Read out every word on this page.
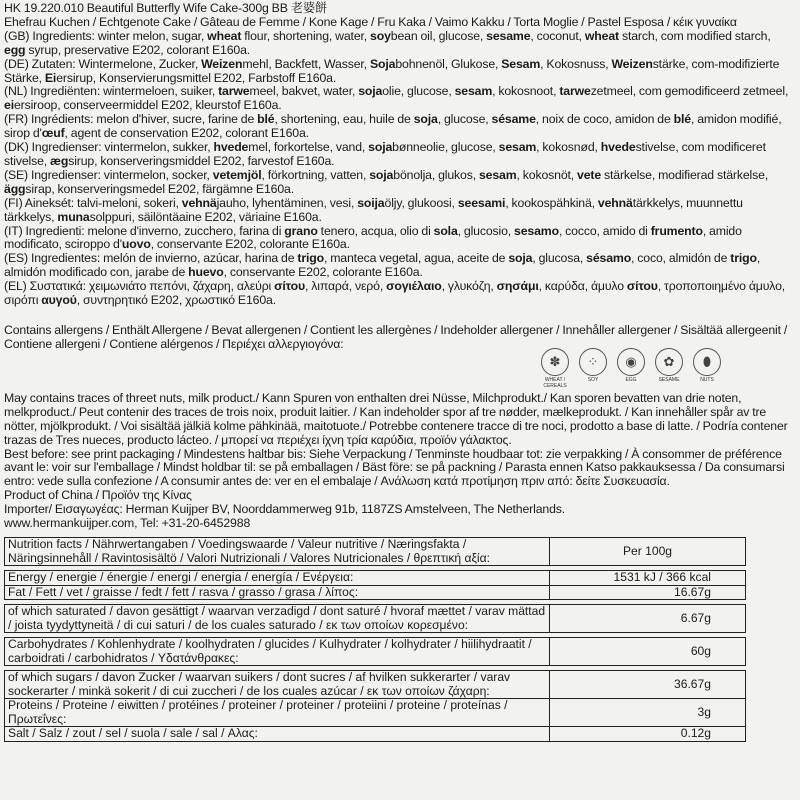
HK 19.220.010 Beautiful Butterfly Wife Cake-300g BB 老婆餅
Ehefrau Kuchen / Echtgenote Cake / Gâteau de Femme / Kone Kage / Fru Kaka / Vaimo Kakku / Torta Moglie / Pastel Esposa / κέικ γυναίκα
(GB) Ingredients: winter melon, sugar, wheat flour, shortening, water, soybean oil, glucose, sesame, coconut, wheat starch, com modified starch, egg syrup, preservative E202, colorant E160a.
(DE) Zutaten: Wintermelone, Zucker, Weizenmehl, Backfett, Wasser, Sojabohnenöl, Glukose, Sesam, Kokosnuss, Weizenstärke, com-modifizierte Stärke, Eiersirup, Konservierungsmittel E202, Farbstoff E160a.
(NL) Ingrediënten: wintermeloen, suiker, tarwemeel, bakvet, water, sojaolie, glucose, sesam, kokosnoot, tarwezetmeel, com gemodificeerd zetmeel, eiersiroop, conserveermiddel E202, kleurstof E160a.
(FR) Ingrédients: melon d'hiver, sucre, farine de blé, shortening, eau, huile de soja, glucose, sésame, noix de coco, amidon de blé, amidon modifié, sirop d'œuf, agent de conservation E202, colorant E160a.
(DK) Ingredienser: vintermelon, sukker, hvedemel, forkortelse, vand, sojabønneolie, glucose, sesam, kokosnød, hvedestivelse, com modificeret stivelse, ægsirup, konserveringsmiddel E202, farvestof E160a.
(SE) Ingredienser: vintermelon, socker, vetemjöl, förkortning, vatten, sojabönolja, glukos, sesam, kokosnöt, vete stärkelse, modifierad stärkelse, äggsirap, konserveringsmedel E202, färgämne E160a.
(FI) Aineksét: talvi-meloni, sokeri, vehnäjauho, lyhentäminen, vesi, soijaöljy, glukoosi, seesami, kookospähkinä, vehnätärkkelys, muunnettu tärkkelys, munasolppuri, säilöntäaine E202, väriaine E160a.
(IT) Ingredienti: melone d'inverno, zucchero, farina di grano tenero, acqua, olio di sola, glucosio, sesamo, cocco, amido di frumento, amido modificato, sciroppo d'uovo, conservante E202, colorante E160a.
(ES) Ingredientes: melón de invierno, azúcar, harina de trigo, manteca vegetal, agua, aceite de soja, glucosa, sésamo, coco, almidón de trigo, almidón modificado con, jarabe de huevo, conservante E202, colorante E160a.
(EL) Συστατικά: χειμωνιάτο πεπόνι, ζάχαρη, αλεύρι σίτου, λιπαρά, νερό, σογιέλαιο, γλυκόζη, σησάμι, καρύδα, άμυλο σίτου, τροποποιημένο άμυλο, σιρόπι αυγού, συντηρητικό E202, χρωστικό E160a.
Contains allergens / Enthält Allergene / Bevat allergenen / Contient les allergènes / Indeholder allergener / Innehåller allergener / Sisältää allergeenit / Contiene allergeni / Contiene alérgenos / Περιέχει αλλεργιογόνα:
✽
WHEAT / CEREALS
⁘
SOY
◉
EGG
✿
SESAME
⬮
NUTS
May contains traces of threet nuts, milk product./ Kann Spuren von enthalten drei Nüsse, Milchprodukt./ Kan sporen bevatten van drie noten, melkproduct./ Peut contenir des traces de trois noix, produit laitier. / Kan indeholder spor af tre nødder, mælkeprodukt. / Kan innehåller spår av tre nötter, mjölkprodukt. / Voi sisältää jälkiä kolme pähkinää, maitotuote./ Potrebbe contenere tracce di tre noci, prodotto a base di latte. / Podría contener trazas de Tres nueces, producto lácteo. / μπορεί να περιέχει ίχνη τρία καρύδια, προϊόν γάλακτος.
Best before: see print packaging / Mindestens haltbar bis: Siehe Verpackung / Tenminste houdbaar tot: zie verpakking / À consommer de préférence avant le: voir sur l'emballage / Mindst holdbar til: se på emballagen / Bäst före: se på packning / Parasta ennen Katso pakkauksessa / Da consumarsi entro: vede sulla confezione / A consumir antes de: ver en el embalaje / Ανάλωση κατά προτίμηση πριν από: δείτε Συσκευασία.
Product of China / Προϊόν της Κίνας
Importer/ Εισαγωγέας: Herman Kuijper BV, Noorddammerweg 91b, 1187ZS Amstelveen, The Netherlands.
www.hermankuijper.com, Tel: +31-20-6452988
Nutrition facts / Nährwertangaben / Voedingswaarde / Valeur nutritive / Næringsfakta / Näringsinnehåll / Ravintosisältö / Valori Nutrizionali / Valores Nutricionales / θρεπτική αξία:	Per 100g

Energy / energie / énergie / energi / energia / energía / Ενέργεια:	1531 kJ / 366 kcal
Fat / Fett / vet / graisse / fedt / fett / rasva / grasso / grasa / λίπος:	16.67g

of which saturated / davon gesättigt / waarvan verzadigd / dont saturé / hvoraf mættet / varav mättad / joista tyydyttyneitä / di cui saturi / de los cuales saturado / εκ των οποίων κορεσμένο:	6.67g

Carbohydrates / Kohlenhydrate / koolhydraten / glucides / Kulhydrater / kolhydrater / hiilihydraatit / carboidrati / carbohidratos / Υδατάνθρακες:	60g

of which sugars / davon Zucker / waarvan suikers / dont sucres / af hvilken sukkerarter / varav sockerarter / minkä sokerit / di cui zuccheri / de los cuales azúcar / εκ των οποίων ζάχαρη:	36.67g
Proteins / Proteine / eiwitten / protéines / proteiner / proteiner / proteiini / proteine / proteínas / Πρωτεΐνες:	3g
Salt / Salz / zout / sel / suola / sale / sal / Αλας:	0.12g
